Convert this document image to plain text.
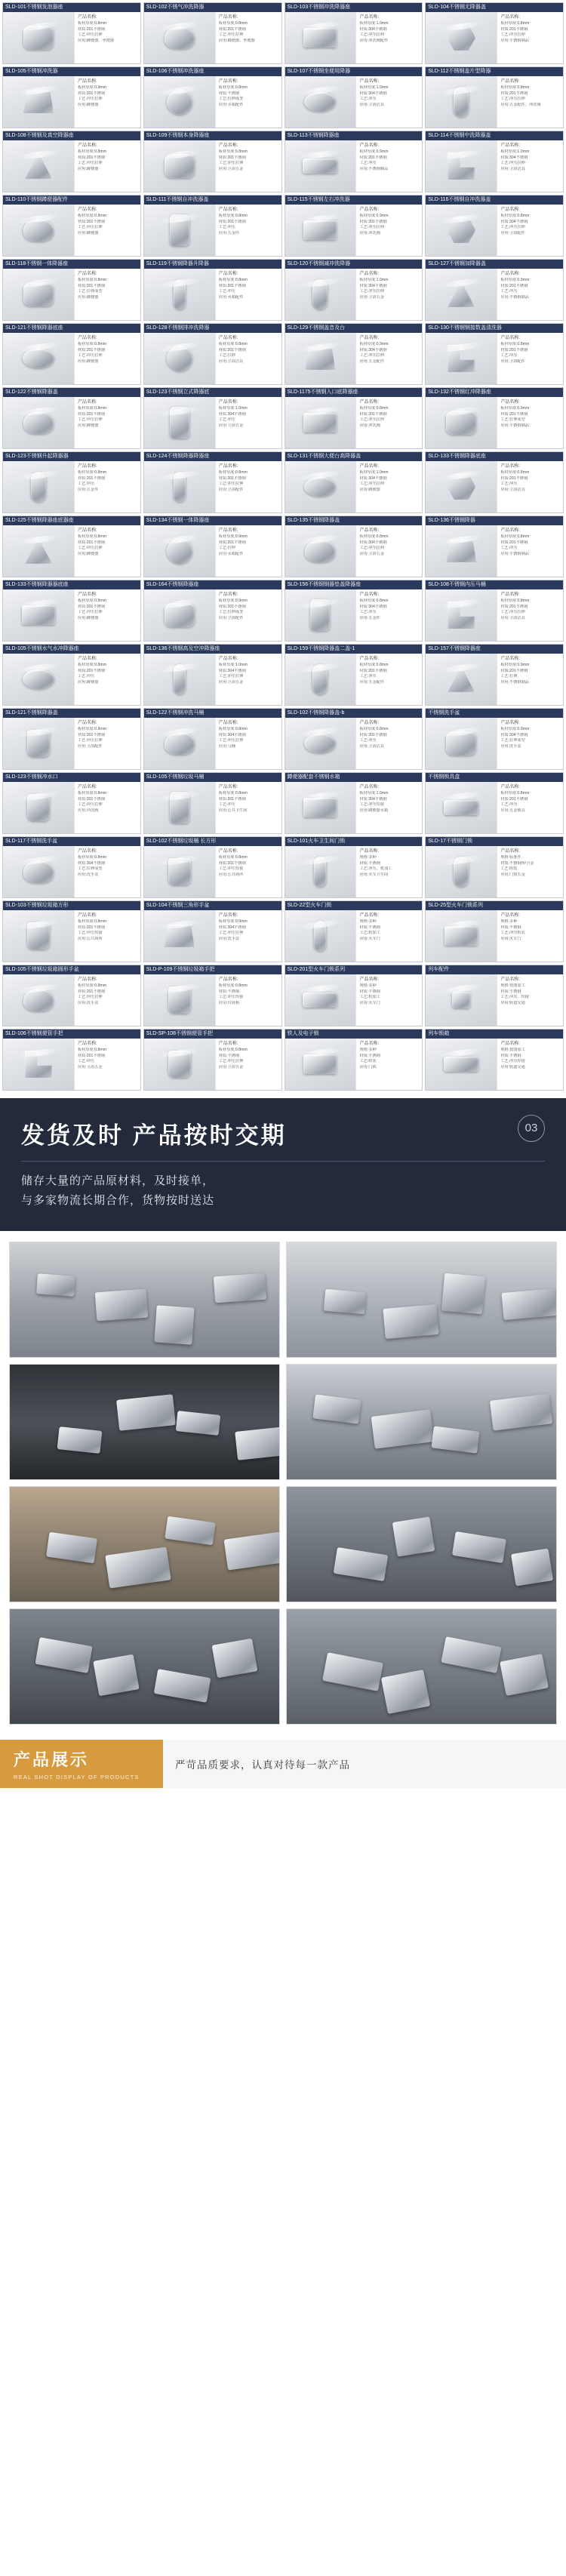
SLD-101不锈钢发泡器座
产品名称:
板材厚度:0.8mm
材质:201不锈钢
工艺:冲压拉伸
应用:蹲便器、坐便器
SLD-102不锈气冲洗降器
产品名称:
板材厚度:0.8mm
材质:201不锈钢
工艺:冲压拉伸
应用:蹲便器、坐便器
SLD-103不锈钢冲洗降器座
产品名称:
板材厚度:1.0mm
材质:304不锈钢
工艺:冲压拉伸
应用:冲洗阀配件
SLD-104不锈钢无降器盖
产品名称:
板材厚度:0.8mm
材质:201不锈钢
工艺:冲压拉伸
应用:不锈钢制品
SLD-105不锈钢冲洗器
产品名称:
板材厚度:0.9mm
材质:201不锈钢
工艺:冲压拉伸
应用:蹲便器
SLD-106不锈钢冲洗器座
产品名称:
板材厚度:0.8mm
材质:不锈钢
工艺:拉伸成型
应用:水箱配件
SLD-107不锈钢坐便用降器
产品名称:
板材厚度:1.0mm
材质:304不锈钢
工艺:冲压
应用:卫浴洁具
SLD-112不锈钢盖片型降器
产品名称:
板材厚度:0.8mm
材质:201不锈钢
工艺:冲压拉伸
应用:五金配件、冲洗阀
SLD-108不锈钢及真空降器座
产品名称:
板材厚度:0.8mm
材质:201不锈钢
工艺:冲压拉伸
应用:蹲便器
SLD-109不锈钢本身降器座
产品名称:
板材厚度:0.8mm
材质:201不锈钢
工艺:冲压拉伸
应用:卫浴五金
SLD-113不锈钢降器座
产品名称:
板材厚度:0.9mm
材质:201不锈钢
工艺:冲压
应用:不锈钢制品
SLD-114不锈钢中洗降器盖
产品名称:
板材厚度:1.0mm
材质:304不锈钢
工艺:冲压拉伸
应用:卫浴洁具
SLD-110不锈钢蹲便器配件
产品名称:
板材厚度:0.8mm
材质:201不锈钢
工艺:冲压拉伸
应用:蹲便器
SLD-111不锈钢自冲洗器盖
产品名称:
板材厚度:0.8mm
材质:201不锈钢
工艺:冲压
应用:五金件
SLD-115不锈钢左右冲洗器
产品名称:
板材厚度:0.9mm
材质:201不锈钢
工艺:冲压拉伸
应用:冲洗阀
SLD-116不锈钢自冲洗器盖
产品名称:
板材厚度:0.8mm
材质:304不锈钢
工艺:冲压拉伸
应用:卫浴配件
SLD-118不锈钢一体降器座
产品名称:
板材厚度:0.8mm
材质:201不锈钢
工艺:拉伸成型
应用:蹲便器
SLD-119不锈钢降器升降器
产品名称:
板材厚度:0.8mm
材质:201不锈钢
工艺:冲压
应用:水箱配件
SLD-120不锈钢减冲洗降器
产品名称:
板材厚度:1.0mm
材质:304不锈钢
工艺:冲压拉伸
应用:卫浴五金
SLD-127不锈钢加降器盖
产品名称:
板材厚度:0.9mm
材质:201不锈钢
工艺:冲压
应用:不锈钢制品
SLD-121不锈钢降器底座
产品名称:
板材厚度:0.8mm
材质:201不锈钢
工艺:冲压拉伸
应用:蹲便器
SLD-128不锈钢排冲洗降器
产品名称:
板材厚度:0.8mm
材质:201不锈钢
工艺:拉伸
应用:卫浴洁具
SLD-129不锈钢盖音及台
产品名称:
板材厚度:0.9mm
材质:304不锈钢
工艺:冲压拉伸
应用:五金配件
SLD-130不锈钢钢接数盖清洗器
产品名称:
板材厚度:0.8mm
材质:201不锈钢
工艺:冲压
应用:卫浴配件
SLD-122不锈钢降器盖
产品名称:
板材厚度:0.8mm
材质:201不锈钢
工艺:冲压拉伸
应用:蹲便器
SLD-123不锈钢立式降器底
产品名称:
板材厚度:1.0mm
材质:304不锈钢
工艺:冲压
应用:卫浴五金
SLD-1175不锈钢入口底降器座
产品名称:
板材厚度:0.8mm
材质:201不锈钢
工艺:冲压拉伸
应用:冲洗阀
SLD-132不锈钢红冲降器座
产品名称:
板材厚度:0.9mm
材质:201不锈钢
工艺:拉伸成型
应用:不锈钢制品
SLD-123不锈钢升起降器器
产品名称:
板材厚度:0.8mm
材质:201不锈钢
工艺:冲压
应用:五金件
SLD-124不锈钢降器降器座
产品名称:
板材厚度:0.8mm
材质:201不锈钢
工艺:冲压拉伸
应用:卫浴配件
SLD-131不锈钢大便台高降器盖
产品名称:
板材厚度:1.0mm
材质:304不锈钢
工艺:冲压拉伸
应用:蹲便器
SLD-133不锈钢降器底座
产品名称:
板材厚度:0.8mm
材质:201不锈钢
工艺:冲压
应用:卫浴洁具
SLD-125不锈钢降器座底器座
产品名称:
板材厚度:0.8mm
材质:201不锈钢
工艺:冲压拉伸
应用:蹲便器
SLD-134不锈钢一体降器座
产品名称:
板材厚度:0.9mm
材质:201不锈钢
工艺:拉伸
应用:水箱配件
SLD-135不锈钢降器盖
产品名称:
板材厚度:0.8mm
材质:304不锈钢
工艺:冲压拉伸
应用:卫浴五金
SLD-136不锈钢降器
产品名称:
板材厚度:0.8mm
材质:201不锈钢
工艺:冲压
应用:不锈钢制品
SLD-133不锈钢降器器底座
产品名称:
板材厚度:0.8mm
材质:201不锈钢
工艺:冲压拉伸
应用:蹲便器
SLD-164不锈钢降器座
产品名称:
板材厚度:0.9mm
材质:201不锈钢
工艺:拉伸成型
应用:卫浴配件
SLD-156不锈钢钢器垫盖降器座
产品名称:
板材厚度:0.8mm
材质:304不锈钢
工艺:冲压
应用:五金件
SLD-108不锈钢内压马桶
产品名称:
板材厚度:0.8mm
材质:201不锈钢
工艺:冲压拉伸
应用:卫浴洁具
SLD-105不锈钢水气水冲降器座
产品名称:
板材厚度:0.8mm
材质:201不锈钢
工艺:冲压
应用:蹲便器
SLD-136不锈钢高及空冲降器座
产品名称:
板材厚度:1.0mm
材质:304不锈钢
工艺:冲压拉伸
应用:卫浴五金
SLD-159不锈钢降器盖二盖-1
产品名称:
板材厚度:0.8mm
材质:201不锈钢
工艺:冲压
应用:五金配件
SLD-157不锈钢降器座
产品名称:
板材厚度:0.9mm
材质:201不锈钢
工艺:拉伸
应用:不锈钢制品
SLD-121不锈钢降器盖
产品名称:
板材厚度:0.8mm
材质:201不锈钢
工艺:冲压拉伸
应用:卫浴配件
SLD-122不锈钢冲洗马桶
产品名称:
板材厚度:0.8mm
材质:304不锈钢
工艺:冲压拉伸
应用:马桶
SLD-102不锈钢降器盖-b
产品名称:
板材厚度:0.8mm
材质:201不锈钢
工艺:冲压
应用:卫浴洁具
不锈钢洗手盆
产品名称:
板材厚度:0.9mm
材质:304不锈钢
工艺:拉伸成型
应用:洗手盆
SLD-123不锈钢冲水口
产品名称:
板材厚度:0.8mm
材质:201不锈钢
工艺:冲压拉伸
应用:冲洗阀
SLD-105不锈钢垃圾马桶
产品名称:
板材厚度:0.8mm
材质:201不锈钢
工艺:冲压
应用:公共卫生间
蹲便器配套不锈钢水箱
产品名称:
板材厚度:1.0mm
材质:304不锈钢
工艺:冲压焊接
应用:蹲便器水箱
不锈钢锁具盒
产品名称:
板材厚度:0.8mm
材质:201不锈钢
工艺:冲压
应用:五金锁具
SLD-117不锈钢洗手盆
产品名称:
板材厚度:0.8mm
材质:304不锈钢
工艺:拉伸成型
应用:洗手盆
SLD-102不锈钢垃圾桶 长方形
产品名称:
板材厚度:0.8mm
材质:201不锈钢
工艺:冲压焊接
应用:公共场所
SLD-101火车卫生间门锁
产品名称:
规格:多种
材质:不锈钢
工艺:冲压、机加工
应用:火车卫生间
SLD-17不锈钢门锁
产品名称:
规格:标准件
材质:不锈钢/锌合金
工艺:组装
应用:门窗五金
SLD-103不锈钢垃圾箱方形
产品名称:
板材厚度:0.8mm
材质:201不锈钢
工艺:冲压焊接
应用:公共场所
SLD-104不锈钢三角形手盆
产品名称:
板材厚度:0.9mm
材质:304不锈钢
工艺:冲压拉伸
应用:洗手盆
SLD-22型火车门锁
产品名称:
规格:多种
材质:不锈钢
工艺:机加工
应用:火车门
SLD-25型火车门锁系列
产品名称:
规格:多种
材质:不锈钢
工艺:冲压组装
应用:火车门
SLD-105不锈钢垃圾箱圆形手盆
产品名称:
板材厚度:0.8mm
材质:201不锈钢
工艺:冲压拉伸
应用:洗手盆
SLD-P-109不锈钢垃圾箱手把
产品名称:
板材厚度:0.8mm
材质:不锈钢
工艺:冲压焊接
应用:垃圾箱
SLD-201型火车门锁系列
产品名称:
规格:多种
材质:不锈钢
工艺:机加工
应用:火车门
列车配件
产品名称:
规格:按图加工
材质:不锈钢
工艺:冲压、焊接
应用:轨道交通
SLD-106不锈钢便管手把
产品名称:
板材厚度:0.8mm
材质:201不锈钢
工艺:冲压
应用:卫浴五金
SLD-SP-108不锈钢便管手把
产品名称:
板材厚度:0.8mm
材质:不锈钢
工艺:冲压拉伸
应用:卫浴五金
铁人及电子锁
产品名称:
规格:多种
材质:不锈钢
工艺:组装
应用:门锁
列车锁箱
产品名称:
规格:按图加工
材质:不锈钢
工艺:冲压焊接
应用:轨道交通
03
发货及时 产品按时交期

储存大量的产品原材料，及时接单，

与多家物流长期合作，货物按时送达

产品展示
REAL SHOT DISPLAY OF PRODUCTS
严苛品质要求，认真对待每一款产品
